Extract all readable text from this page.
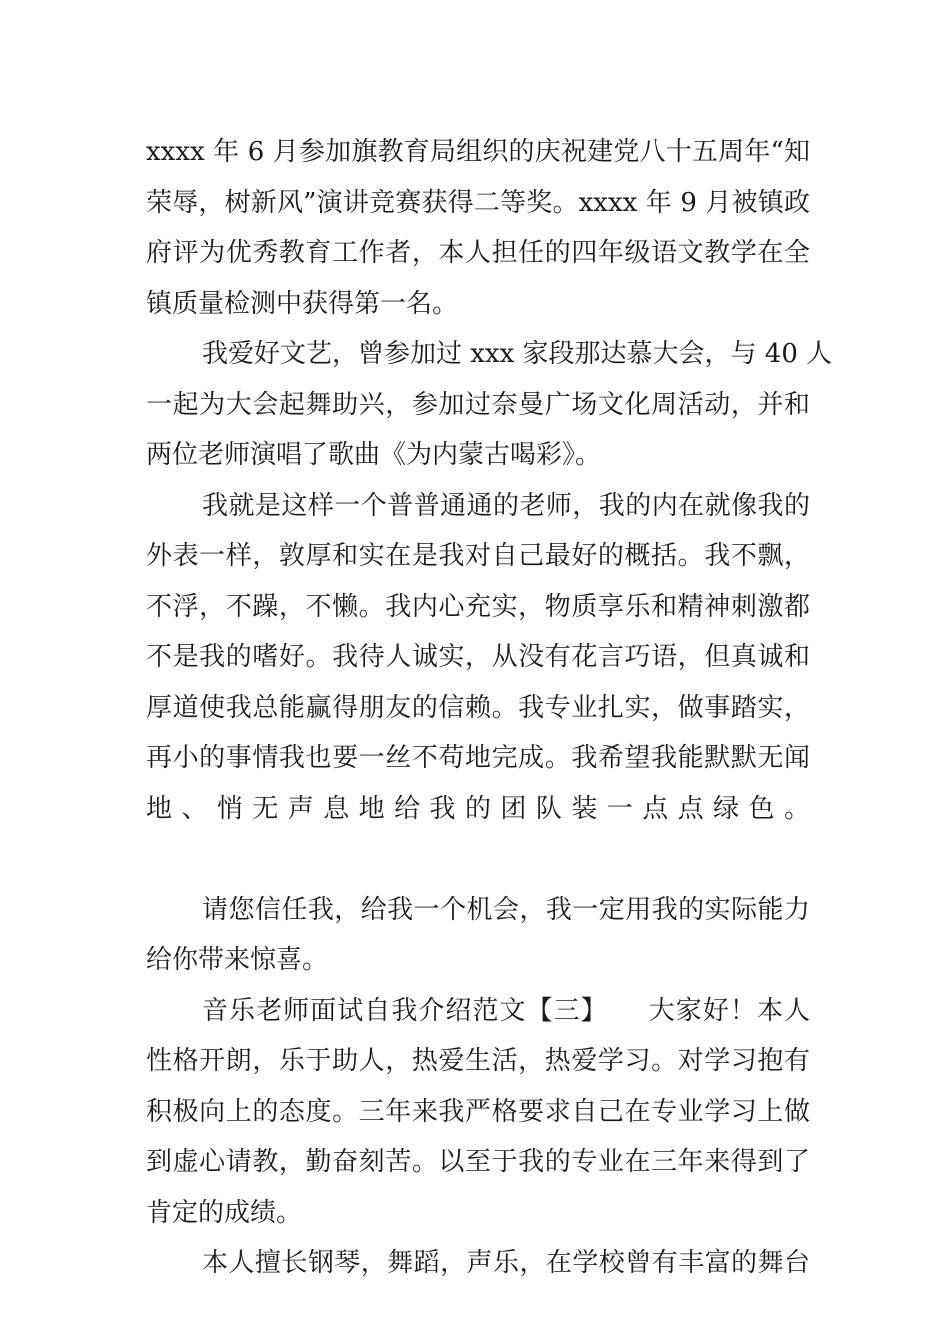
xxxx 年 6 月参加旗教育局组织的庆祝建党八十五周年“知
荣辱，树新风”演讲竞赛获得二等奖。xxxx 年 9 月被镇政
府评为优秀教育工作者，本人担任的四年级语文教学在全
镇质量检测中获得第一名。
我爱好文艺，曾参加过 xxx 家段那达慕大会，与 40 人
一起为大会起舞助兴，参加过奈曼广场文化周活动，并和
两位老师演唱了歌曲《为内蒙古喝彩》。
我就是这样一个普普通通的老师，我的内在就像我的
外表一样，敦厚和实在是我对自己最好的概括。我不飘，
不浮，不躁，不懒。我内心充实，物质享乐和精神刺激都
不是我的嗜好。我待人诚实，从没有花言巧语，但真诚和
厚道使我总能赢得朋友的信赖。我专业扎实，做事踏实，
再小的事情我也要一丝不苟地完成。我希望我能默默无闻
地、悄无声息地给我的团队装一点点绿色。
请您信任我，给我一个机会，我一定用我的实际能力
给你带来惊喜。
音乐老师面试自我介绍范文【三】　　大家好！本人
性格开朗，乐于助人，热爱生活，热爱学习。对学习抱有
积极向上的态度。三年来我严格要求自己在专业学习上做
到虚心请教，勤奋刻苦。以至于我的专业在三年来得到了
肯定的成绩。
本人擅长钢琴，舞蹈，声乐，在学校曾有丰富的舞台
